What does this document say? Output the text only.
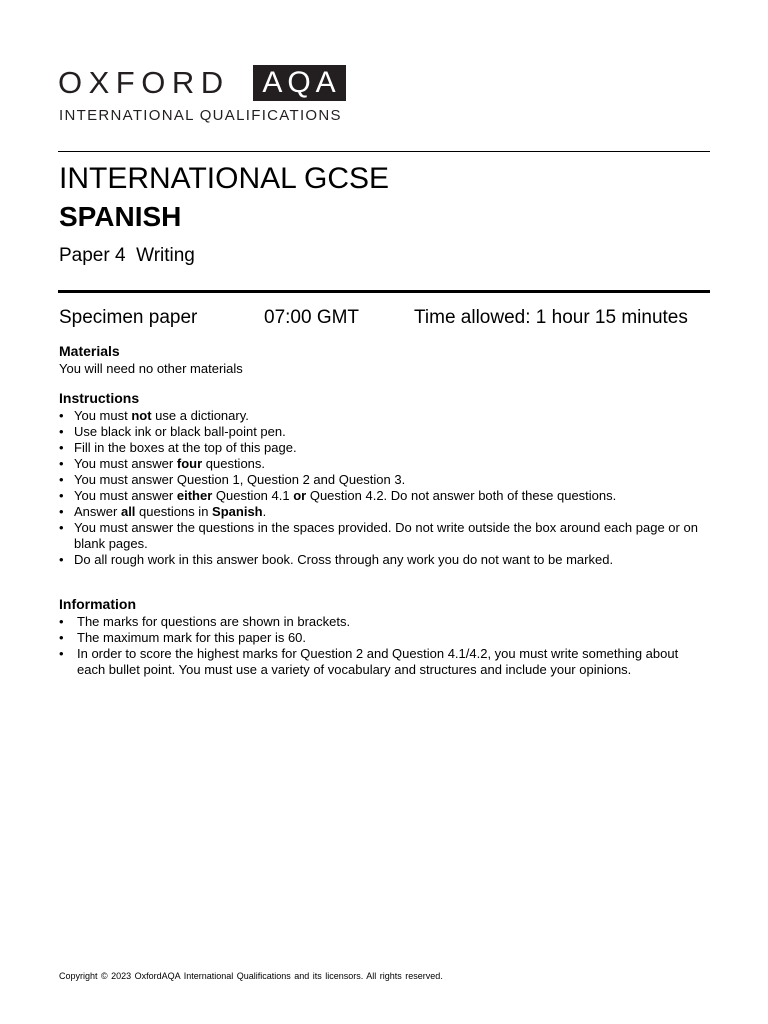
OXFORD	AQA
INTERNATIONAL QUALIFICATIONS
INTERNATIONAL GCSE
SPANISH
Paper 4  Writing
Specimen paper	07:00 GMT	Time allowed: 1 hour 15 minutes
Materials
You will need no other materials
Instructions
• You must not use a dictionary.
• Use black ink or black ball-point pen.
• Fill in the boxes at the top of this page.
• You must answer four questions.
• You must answer Question 1, Question 2 and Question 3.
• You must answer either Question 4.1 or Question 4.2. Do not answer both of these questions.
• Answer all questions in Spanish.
• You must answer the questions in the spaces provided. Do not write outside the box around each page or on blank pages.
• Do all rough work in this answer book. Cross through any work you do not want to be marked.
Information
• The marks for questions are shown in brackets.
• The maximum mark for this paper is 60.
• In order to score the highest marks for Question 2 and Question 4.1/4.2, you must write something about each bullet point. You must use a variety of vocabulary and structures and include your opinions.
Copyright © 2023 OxfordAQA International Qualifications and its licensors. All rights reserved.
